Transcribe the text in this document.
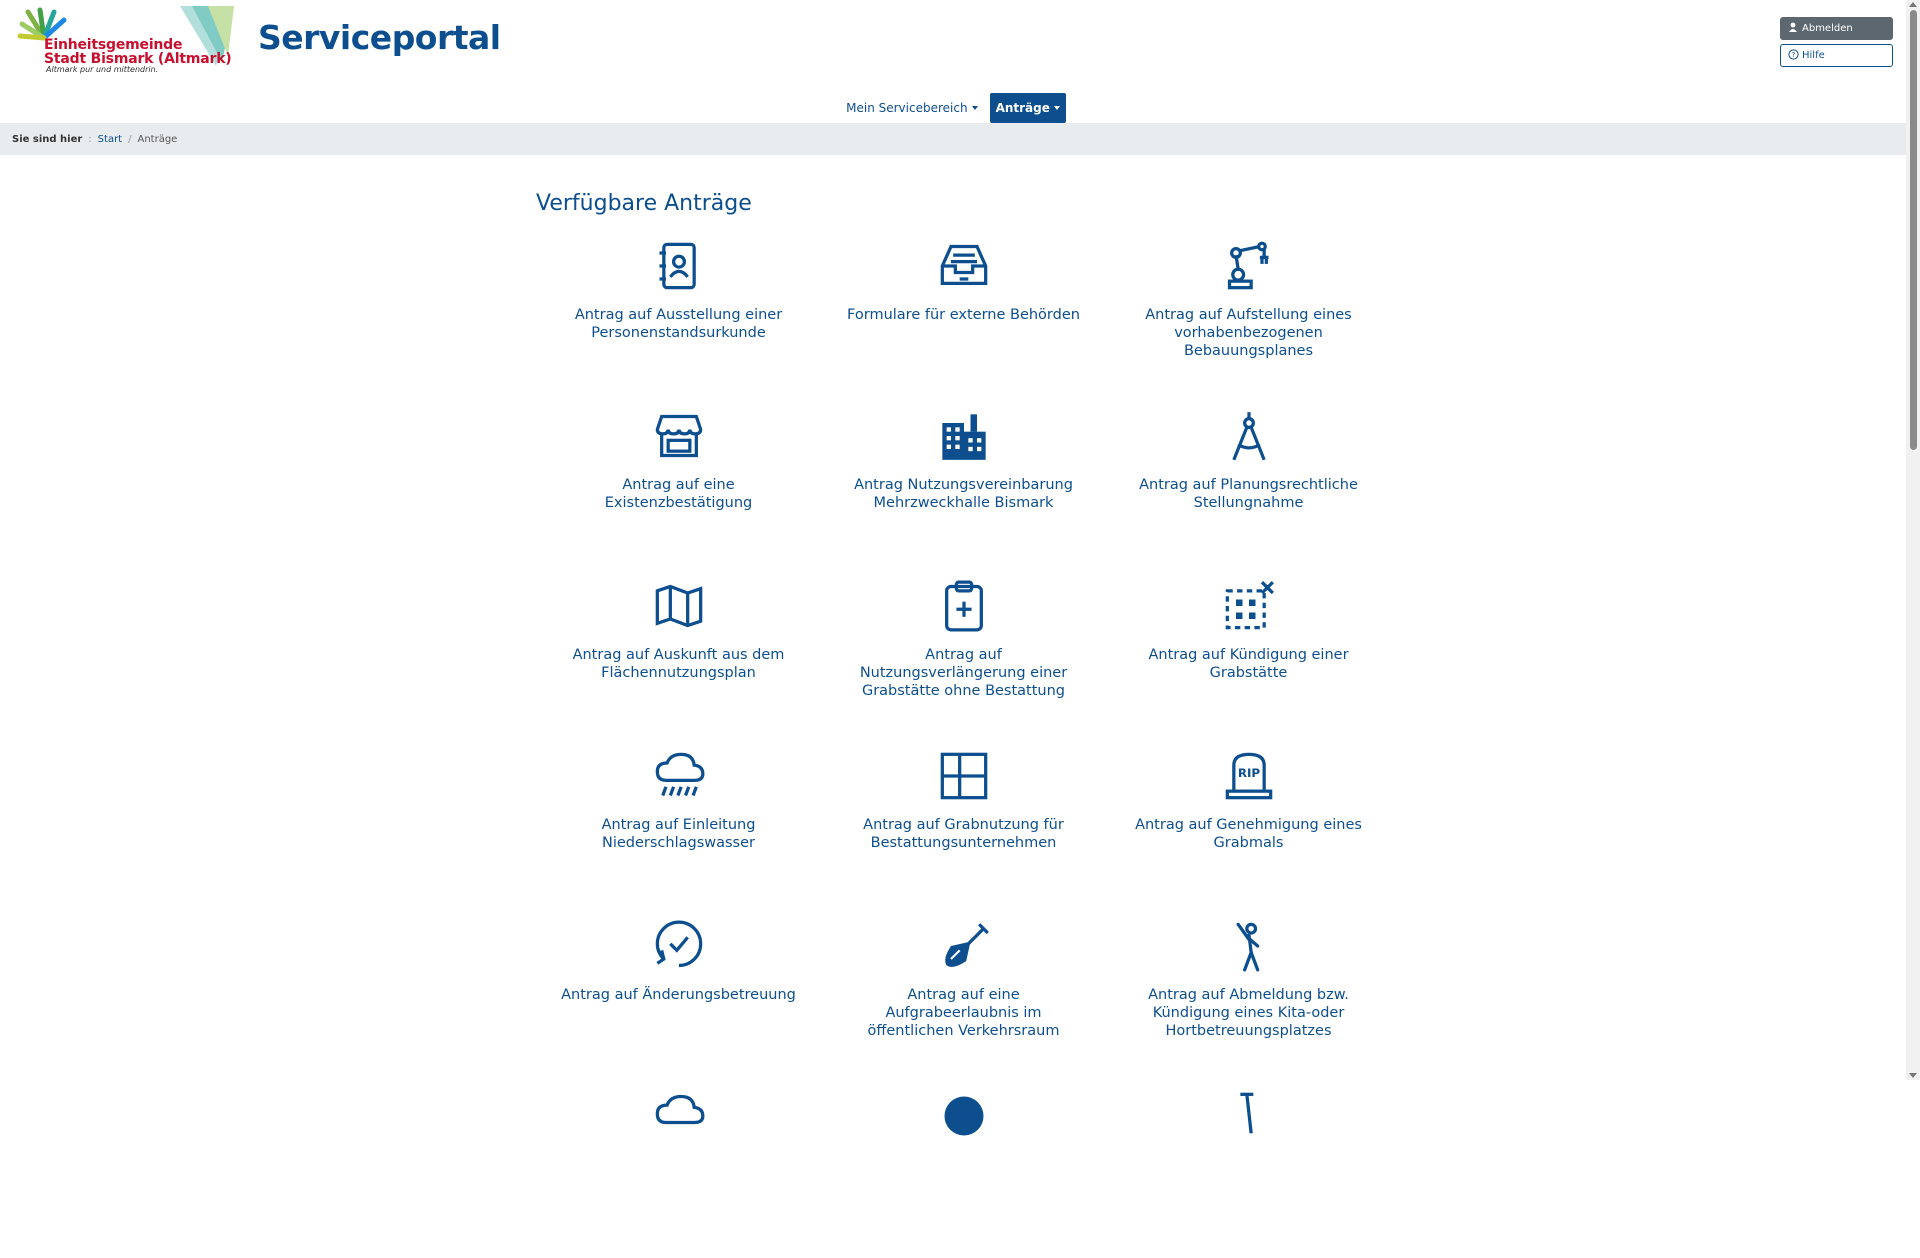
Einheitsgemeinde
Stadt Bismark (Altmark)
Altmark pur und mittendrin.
Serviceportal	Abmelden
? Hilfe
Mein Servicebereich Anträge
Sie sind hier : Start / Anträge
Verfügbare Anträge
Antrag auf Ausstellung einer Personenstandsurkunde
Formulare für externe Behörden	Antrag auf Aufstellung eines vorhabenbezogenen Bebauungsplanes
Antrag auf eine Existenzbestätigung
Antrag Nutzungsvereinbarung Mehrzweckhalle Bismark
Antrag auf Planungsrechtliche Stellungnahme
Antrag auf Auskunft aus dem Flächennutzungsplan
Antrag auf Nutzungsverlängerung einer Grabstätte ohne Bestattung
Antrag auf Kündigung einer Grabstätte
Antrag auf Einleitung Niederschlagswasser
Antrag auf Grabnutzung für Bestattungsunternehmen
RIP
Antrag auf Genehmigung eines Grabmals
Antrag auf Änderungsbetreuung	Antrag auf eine Aufgrabeerlaubnis im öffentlichen Verkehrsraum
Antrag auf Abmeldung bzw. Kündigung eines Kita-oder Hortbetreuungsplatzes
